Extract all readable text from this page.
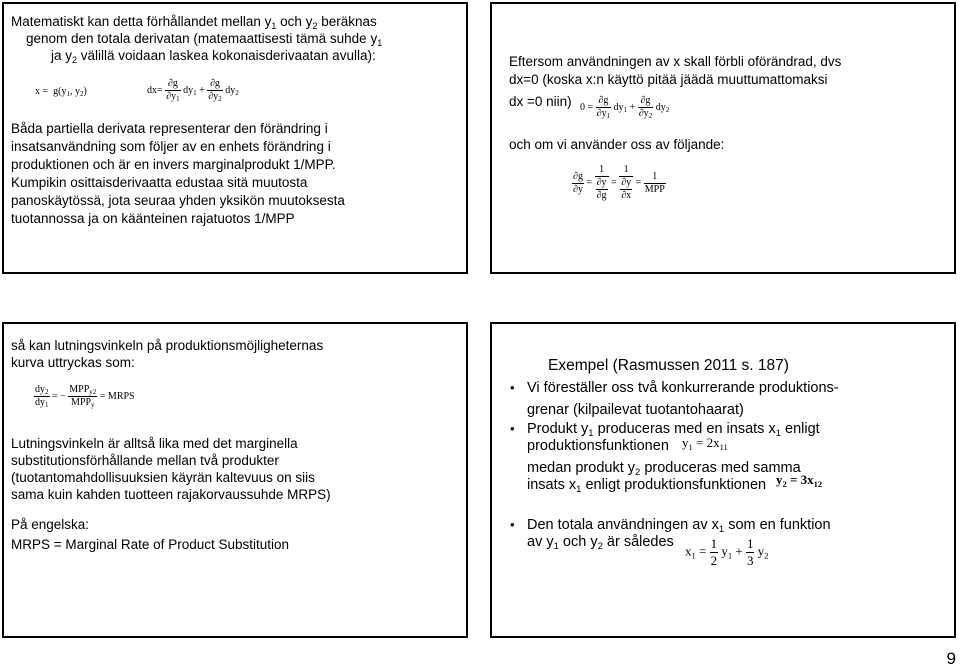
Matematiskt kan detta förhållandet mellan $y_1$ och $y_2$ beräknas
genom den totala derivatan (matemaattisesti tämä suhde $y_1$
ja $y_2$ välillä voidaan laskea kokonaisderivaatan avulla):
$x = g(y_1$, $y_2$)	$dx= \frac{\partial g}{\partial y_1} dy_1 + \frac{\partial g}{\partial y_2} dy_2$
Båda partiella derivata representerar den förändring i
insatsanvändning som följer av en enhets förändring i
produktionen och är en invers marginalprodukt 1/MPP.
Kumpikin osittaisderivaatta edustaa sitä muutosta
panoskäytössä, jota seuraa yhden yksikön muutoksesta
tuotannossa ja on käänteinen rajatuotos 1/MPP
Eftersom användningen av x skall förbli oförändrad, dvs
dx=0 (koska x:n käyttö pitää jäädä muuttumattomaksi
dx =0 niin) $0 = \frac{\partial g}{\partial y_1} dy_1 + \frac{\partial g}{\partial y_2} dy_2$
och om vi använder oss av följande:
$\frac{\partial g}{\partial y} = \frac{1}{\frac{\partial y}{\partial g}} = \frac{1}{\frac{\partial y}{\partial x}} = \frac{1}{\text{MPP}}$
så kan lutningsvinkeln på produktionsmöjligheternas
kurva uttryckas som:
$\frac{dy_2}{dy_1}$ = − $\frac{MPP_{y2}}{MPP_y}$ = MRPS
Lutningsvinkeln är alltså lika med det marginella
substitutionsförhållande mellan två produkter
(tuotantomahdollisuuksien käyrän kaltevuus on siis
sama kuin kahden tuotteen rajakorvaussuhde MRPS)
På engelska:
MRPS = Marginal Rate of Product Substitution
Exempel (Rasmussen 2011 s. 187)
• Vi föreställer oss två konkurrerande produktions-
grenar (kilpailevat tuotantohaarat)
• Produkt $y_1$ produceras med en insats $x_1$ enligt
produktionsfunktionen $y_1 = 2x_{11}$
medan produkt $y_2$ produceras med samma
insats $x_1$ enligt produktionsfunktionen $y_2 = 3x_{12}$
• Den totala användningen av $x_1$ som en funktion
av $y_1$ och $y_2$ är således
$x_1 = \frac{1}{2} y_1 + \frac{1}{3} y_2$
9
